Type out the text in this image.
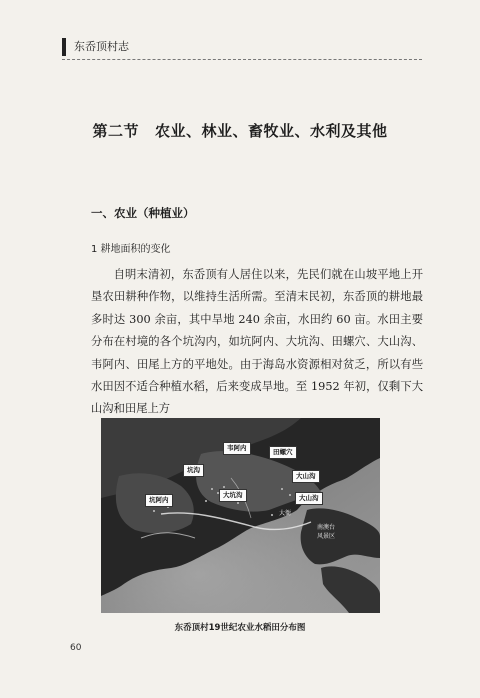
东岙顶村志
第二节 农业、林业、畜牧业、水利及其他
一、农业（种植业）
1 耕地面积的变化

自明末清初，东岙顶有人居住以来，先民们就在山坡平地上开垦农田耕种作物，以维持生活所需。至清末民初，东岙顶的耕地最多时达 300 余亩，其中旱地 240 余亩，水田约 60 亩。水田主要分布在村境的各个坑沟内，如坑阿内、大坑沟、田螺穴、大山沟、韦阿内、田尾上方的平地处。由于海岛水资源相对贫乏，所以有些水田因不适合种植水稻，后来变成旱地。至 1952 年初，仅剩下大山沟和田尾上方

韦阿内	田螺穴
坑沟
大山沟
大坑沟	大山沟
坑阿内
大衙
南澳台
风景区
东岙顶村19世纪农业水稻田分布图
60
